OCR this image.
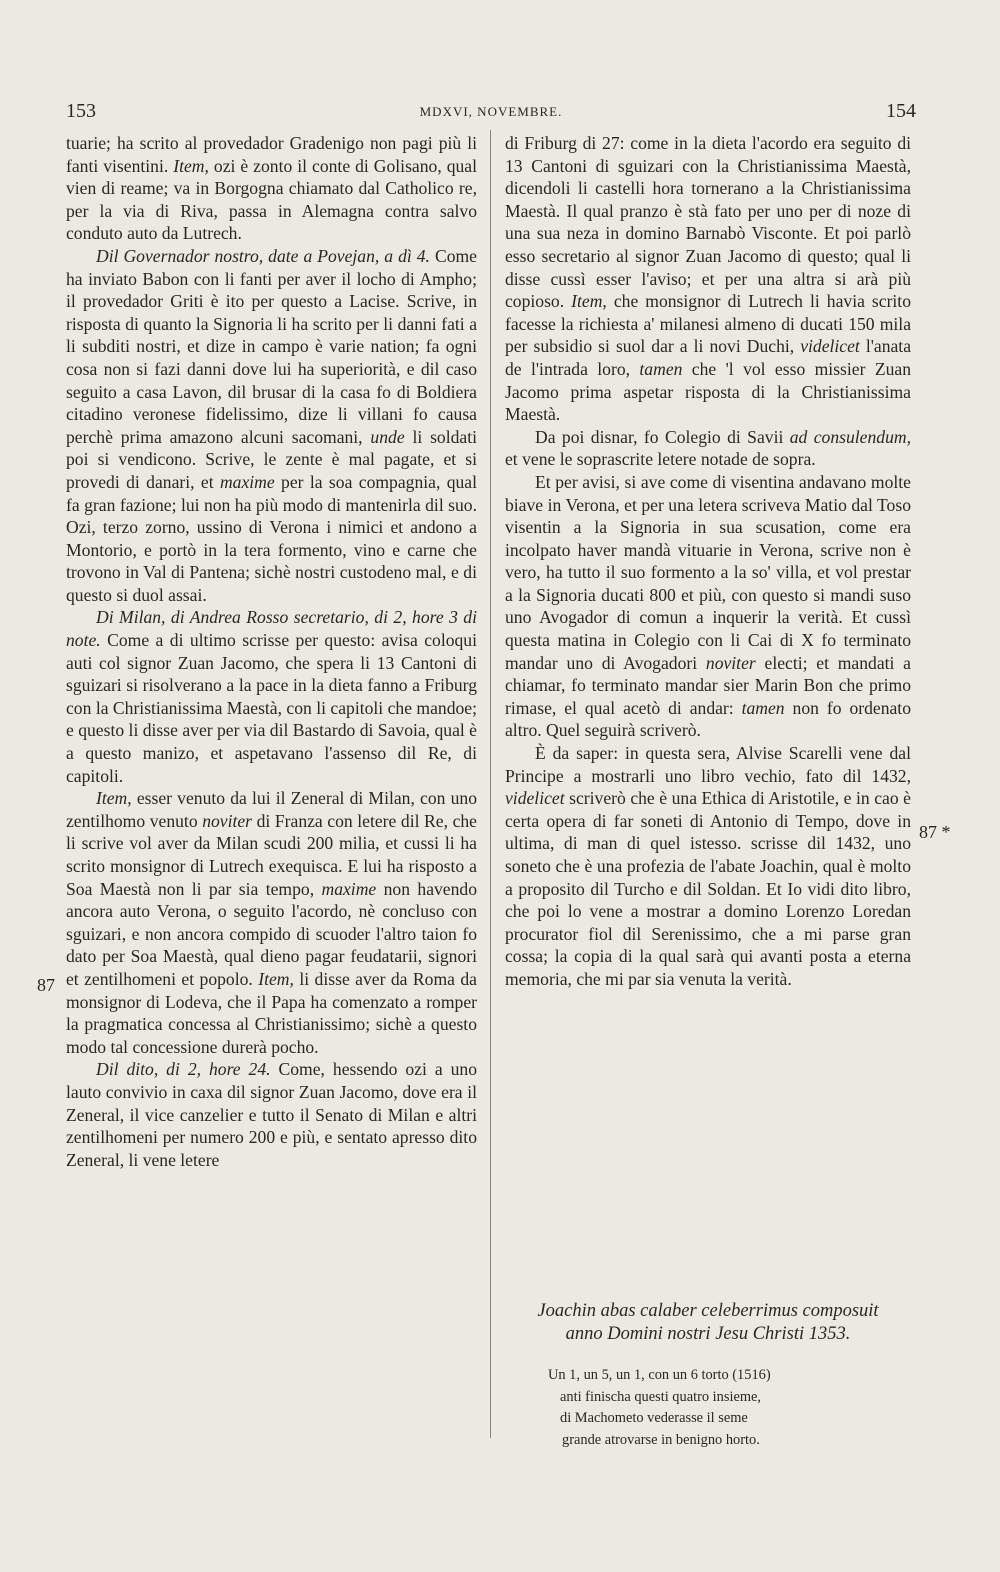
153	MDXVI, NOVEMBRE.	154

tuarie; ha scrito al provedador Gradenigo non pagi più li fanti visentini. Item, ozi è zonto il conte di Golisano, qual vien di reame; va in Borgogna chiamato dal Catholico re, per la via di Riva, passa in Alemagna contra salvo conduto auto da Lutrech.

Dil Governador nostro, date a Povejan, a dì 4. Come ha inviato Babon con li fanti per aver il locho di Ampho; il provedador Griti è ito per questo a Lacise. Scrive, in risposta di quanto la Signoria li ha scrito per li danni fati a li subditi nostri, et dize in campo è varie nation; fa ogni cosa non si fazi danni dove lui ha superiorità, e dil caso seguito a casa Lavon, dil brusar di la casa fo di Boldiera citadino veronese fidelissimo, dize li villani fo causa perchè prima amazono alcuni sacomani, unde li soldati poi si vendicono. Scrive, le zente è mal pagate, et si provedi di danari, et maxime per la soa compagnia, qual fa gran fazione; lui non ha più modo di mantenirla dil suo. Ozi, terzo zorno, ussino di Verona i nimici et andono a Montorio, e portò in la tera formento, vino e carne che trovono in Val di Pantena; sichè nostri custodeno mal, e di questo si duol assai.

Di Milan, di Andrea Rosso secretario, di 2, hore 3 di note. Come a di ultimo scrisse per questo: avisa coloqui auti col signor Zuan Jacomo, che spera li 13 Cantoni di sguizari si risolverano a la pace in la dieta fanno a Friburg con la Christianissima Maestà, con li capitoli che mandoe; e questo li disse aver per via dil Bastardo di Savoia, qual è a questo manizo, et aspetavano l'assenso dil Re, di capitoli.

Item, esser venuto da lui il Zeneral di Milan, con uno zentilhomo venuto noviter di Franza con letere dil Re, che li scrive vol aver da Milan scudi 200 milia, et cussi li ha scrito monsignor di Lutrech exequisca. E lui ha risposto a Soa Maestà non li par sia tempo, maxime non havendo ancora auto Verona, o seguito l'acordo, nè concluso con sguizari, e non ancora compido di scuoder l'altro taion fo dato per Soa Maestà, qual dieno pagar feudatarii, signori et zentilhomeni et popolo. Item, li disse aver da Roma da monsignor di Lodeva, che il Papa ha comenzato a romper la pragmatica concessa al Christianissimo; sichè a questo modo tal concessione durerà pocho.

Dil dito, di 2, hore 24. Come, hessendo ozi a uno lauto convivio in caxa dil signor Zuan Jacomo, dove era il Zeneral, il vice canzelier e tutto il Senato di Milan e altri zentilhomeni per numero 200 e più, e sentato apresso dito Zeneral, li vene letere

di Friburg di 27: come in la dieta l'acordo era seguito di 13 Cantoni di sguizari con la Christianissima Maestà, dicendoli li castelli hora tornerano a la Christianissima Maestà. Il qual pranzo è stà fato per uno per di noze di una sua neza in domino Barnabò Visconte. Et poi parlò esso secretario al signor Zuan Jacomo di questo; qual li disse cussì esser l'aviso; et per una altra si arà più copioso. Item, che monsignor di Lutrech li havia scrito facesse la richiesta a' milanesi almeno di ducati 150 mila per subsidio si suol dar a li novi Duchi, videlicet l'anata de l'intrada loro, tamen che 'l vol esso missier Zuan Jacomo prima aspetar risposta di la Christianissima Maestà.

Da poi disnar, fo Colegio di Savii ad consulendum, et vene le soprascrite letere notade de sopra.

Et per avisi, si ave come di visentina andavano molte biave in Verona, et per una letera scriveva Matio dal Toso visentin a la Signoria in sua scusation, come era incolpato haver mandà vituarie in Verona, scrive non è vero, ha tutto il suo formento a la so' villa, et vol prestar a la Signoria ducati 800 et più, con questo si mandi suso uno Avogador di comun a inquerir la verità. Et cussì questa matina in Colegio con li Cai di X fo terminato mandar uno di Avogadori noviter electi; et mandati a chiamar, fo terminato mandar sier Marin Bon che primo rimase, el qual acetò di andar: tamen non fo ordenato altro. Quel seguirà scriverò.

È da saper: in questa sera, Alvise Scarelli vene dal Principe a mostrarli uno libro vechio, fato dil 1432, videlicet scriverò che è una Ethica di Aristotile, e in cao è certa opera di far soneti di Antonio di Tempo, dove in ultima, di man di quel istesso. scrisse dil 1432, uno soneto che è una profezia de l'abate Joachin, qual è molto a proposito dil Turcho e dil Soldan. Et Io vidi dito libro, che poi lo vene a mostrar a domino Lorenzo Loredan procurator fiol dil Serenissimo, che a mi parse gran cossa; la copia di la qual sarà qui avanti posta a eterna memoria, che mi par sia venuta la verità.

87
87 *
Joachin abas calaber celeberrimus composuit
anno Domini nostri Jesu Christi 1353.
Un 1, un 5, un 1, con un 6 torto (1516)
anti finischa questi quatro insieme,
di Machometo vederasse il seme
grande atrovarse in benigno horto.
